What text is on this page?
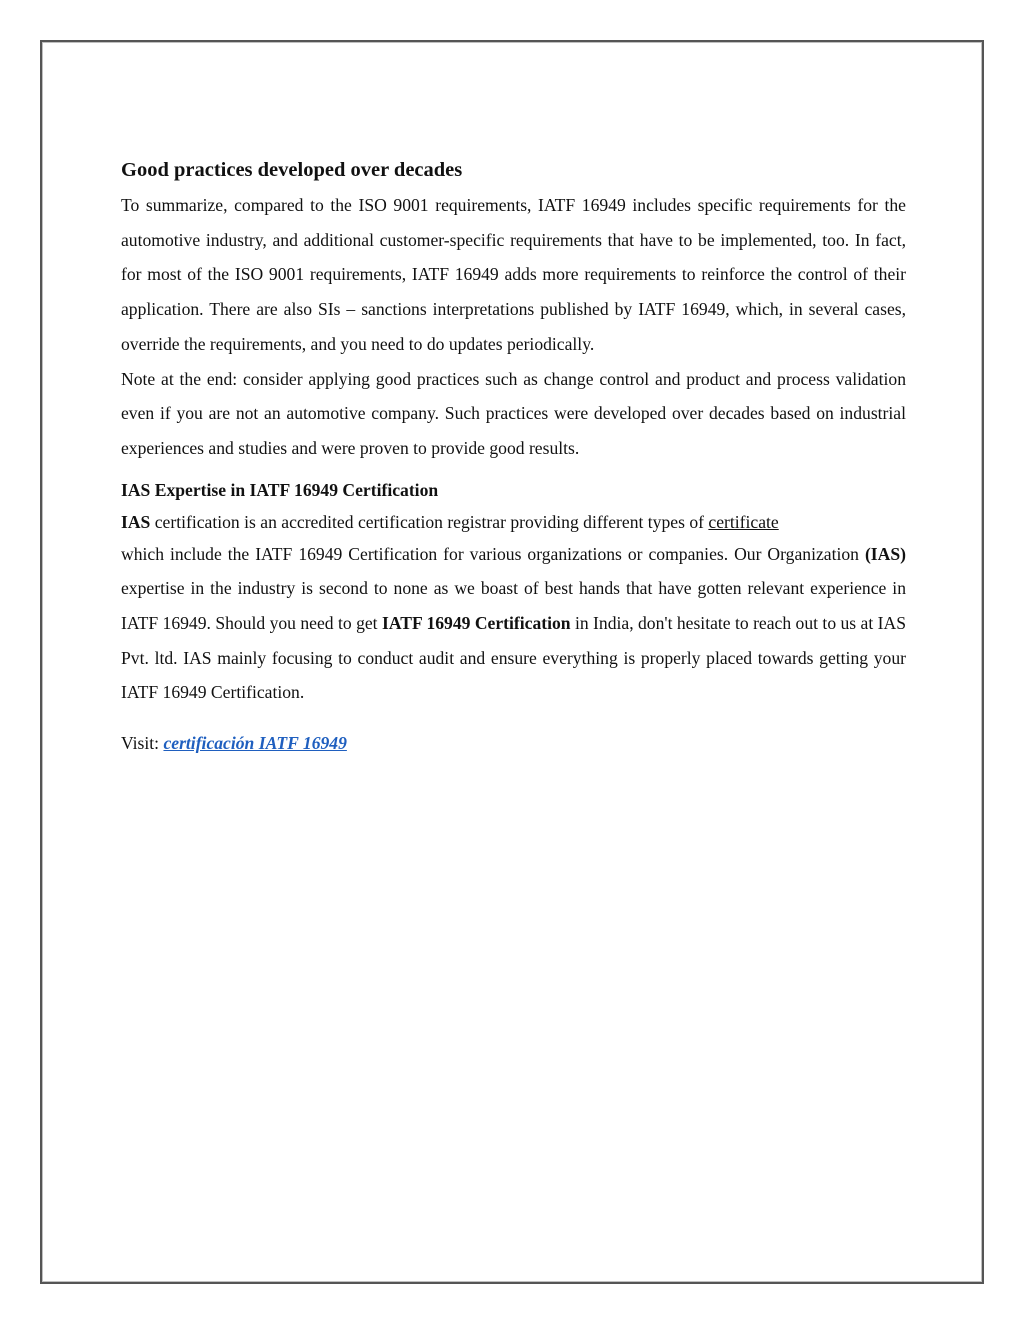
Good practices developed over decades

To summarize, compared to the ISO 9001 requirements, IATF 16949 includes specific requirements for the automotive industry, and additional customer-specific requirements that have to be implemented, too. In fact, for most of the ISO 9001 requirements, IATF 16949 adds more requirements to reinforce the control of their application. There are also SIs – sanctions interpretations published by IATF 16949, which, in several cases, override the requirements, and you need to do updates periodically.

Note at the end: consider applying good practices such as change control and product and process validation even if you are not an automotive company. Such practices were developed over decades based on industrial experiences and studies and were proven to provide good results.

IAS Expertise in IATF 16949 Certification

IAS certification is an accredited certification registrar providing different types of certificate

which include the IATF 16949 Certification for various organizations or companies. Our Organization (IAS) expertise in the industry is second to none as we boast of best hands that have gotten relevant experience in IATF 16949. Should you need to get IATF 16949 Certification in India, don't hesitate to reach out to us at IAS Pvt. ltd. IAS mainly focusing to conduct audit and ensure everything is properly placed towards getting your IATF 16949 Certification.

Visit: certificación IATF 16949
